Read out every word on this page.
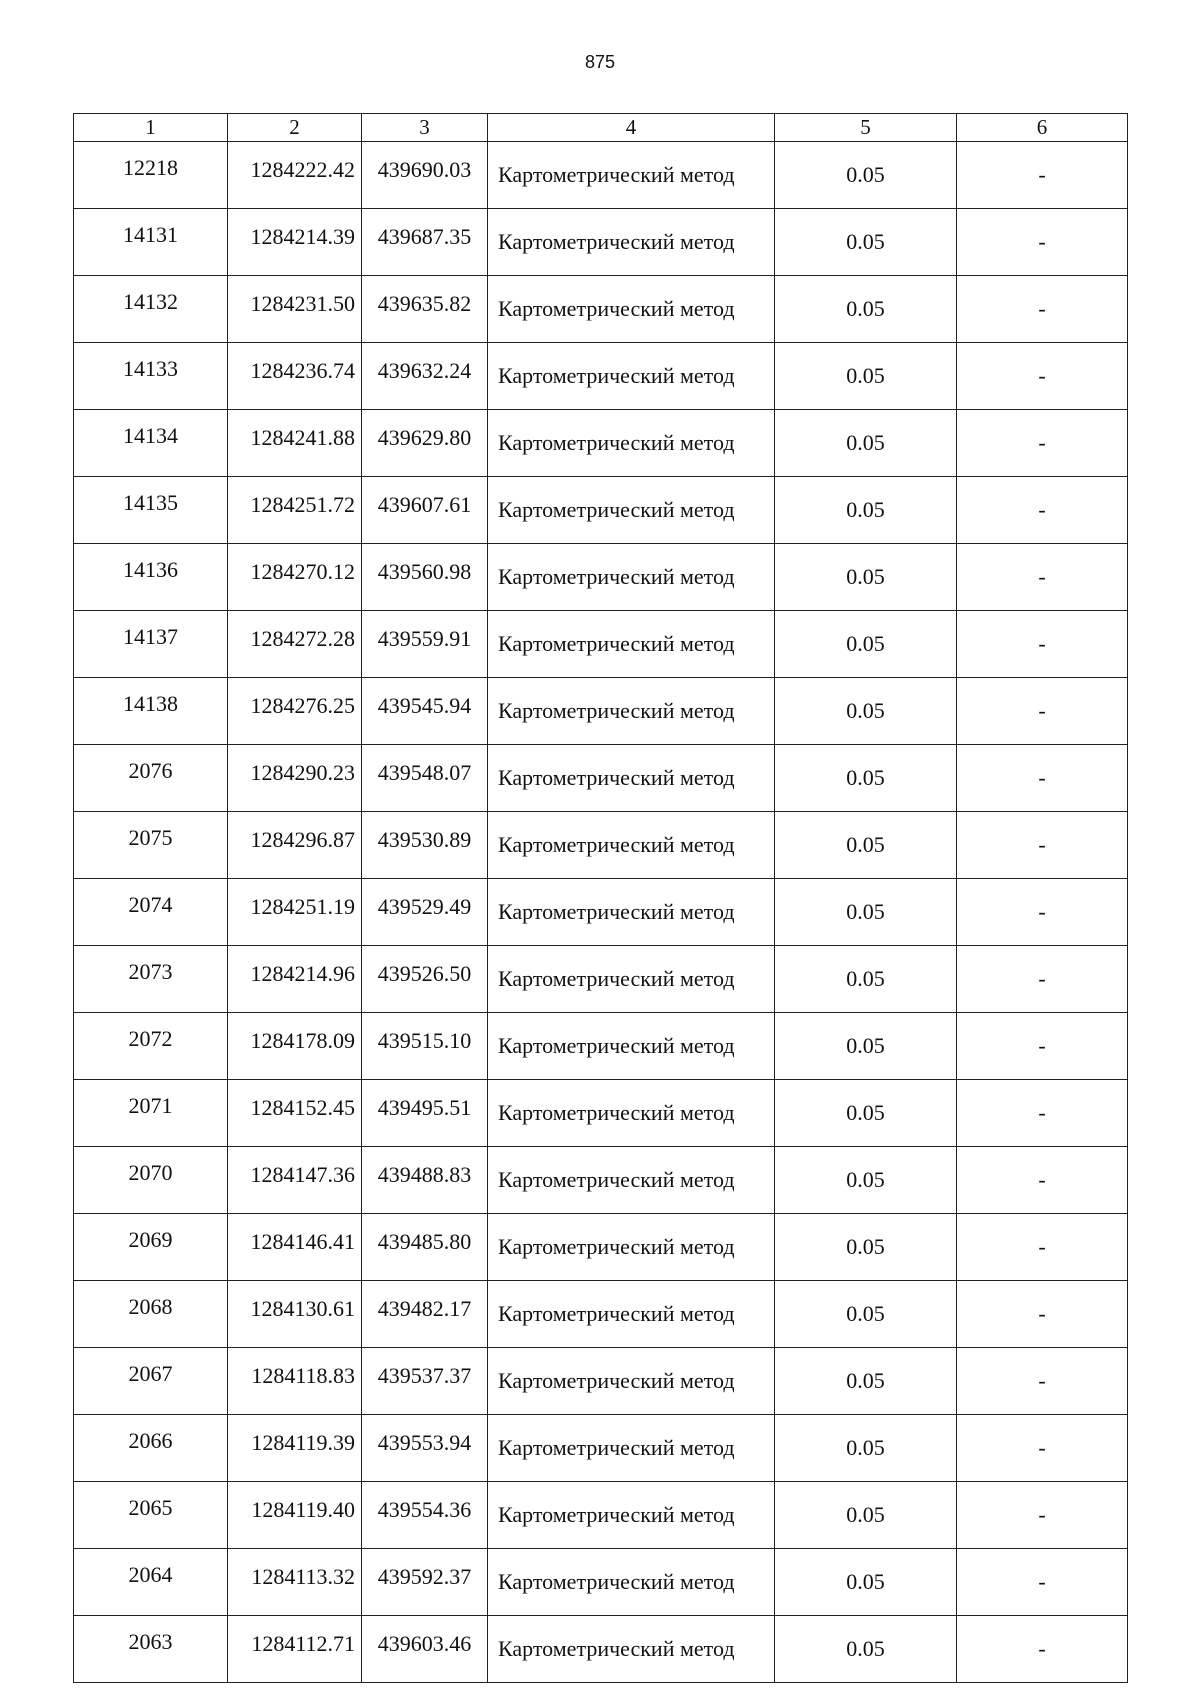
875
1	2	3	4	5	6
12218	1284222.42	439690.03	Картометрический метод	0.05	-
14131	1284214.39	439687.35	Картометрический метод	0.05	-
14132	1284231.50	439635.82	Картометрический метод	0.05	-
14133	1284236.74	439632.24	Картометрический метод	0.05	-
14134	1284241.88	439629.80	Картометрический метод	0.05	-
14135	1284251.72	439607.61	Картометрический метод	0.05	-
14136	1284270.12	439560.98	Картометрический метод	0.05	-
14137	1284272.28	439559.91	Картометрический метод	0.05	-
14138	1284276.25	439545.94	Картометрический метод	0.05	-
2076	1284290.23	439548.07	Картометрический метод	0.05	-
2075	1284296.87	439530.89	Картометрический метод	0.05	-
2074	1284251.19	439529.49	Картометрический метод	0.05	-
2073	1284214.96	439526.50	Картометрический метод	0.05	-
2072	1284178.09	439515.10	Картометрический метод	0.05	-
2071	1284152.45	439495.51	Картометрический метод	0.05	-
2070	1284147.36	439488.83	Картометрический метод	0.05	-
2069	1284146.41	439485.80	Картометрический метод	0.05	-
2068	1284130.61	439482.17	Картометрический метод	0.05	-
2067	1284118.83	439537.37	Картометрический метод	0.05	-
2066	1284119.39	439553.94	Картометрический метод	0.05	-
2065	1284119.40	439554.36	Картометрический метод	0.05	-
2064	1284113.32	439592.37	Картометрический метод	0.05	-
2063	1284112.71	439603.46	Картометрический метод	0.05	-
